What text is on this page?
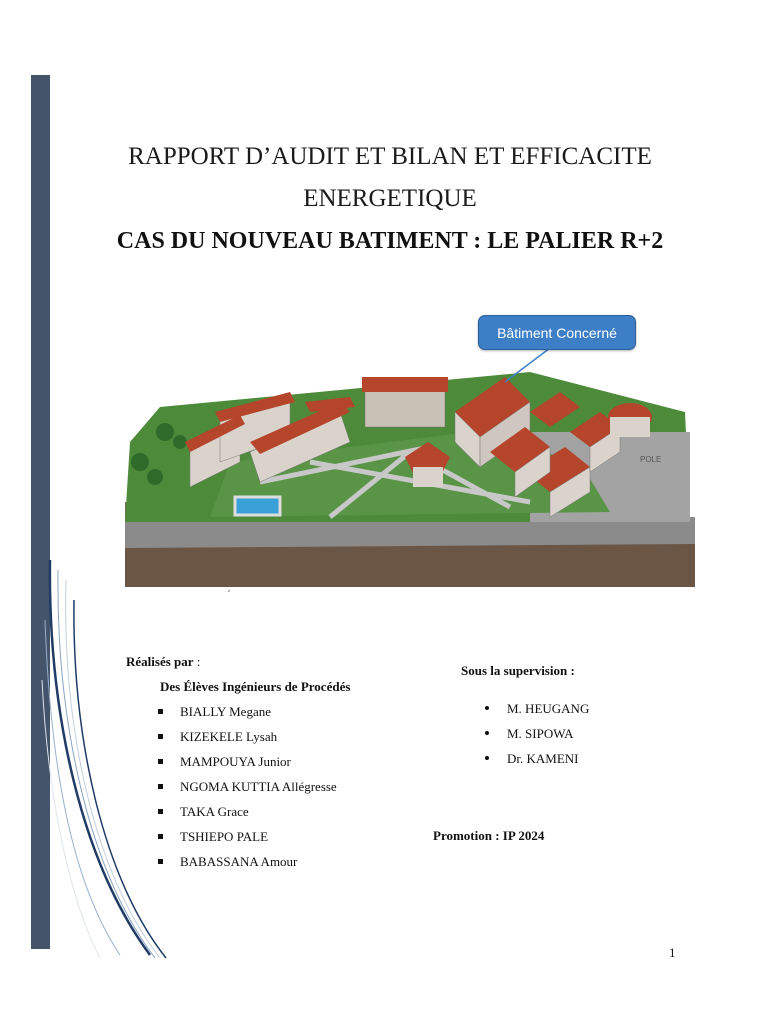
RAPPORT D’AUDIT ET BILAN ET EFFICACITE
ENERGETIQUE
CAS DU NOUVEAU BATIMENT : LE PALIER R+2
POLE
Bâtiment Concerné
Réalisés par :
Des Élèves Ingénieurs de Procédés
BIALLY Megane
KIZEKELE Lysah
MAMPOUYA Junior
NGOMA KUTTIA Allégresse
TAKA Grace
TSHIEPO PALE
BABASSANA Amour
Sous la supervision :
M. HEUGANG
M. SIPOWA
Dr. KAMENI
Promotion : IP 2024
1
